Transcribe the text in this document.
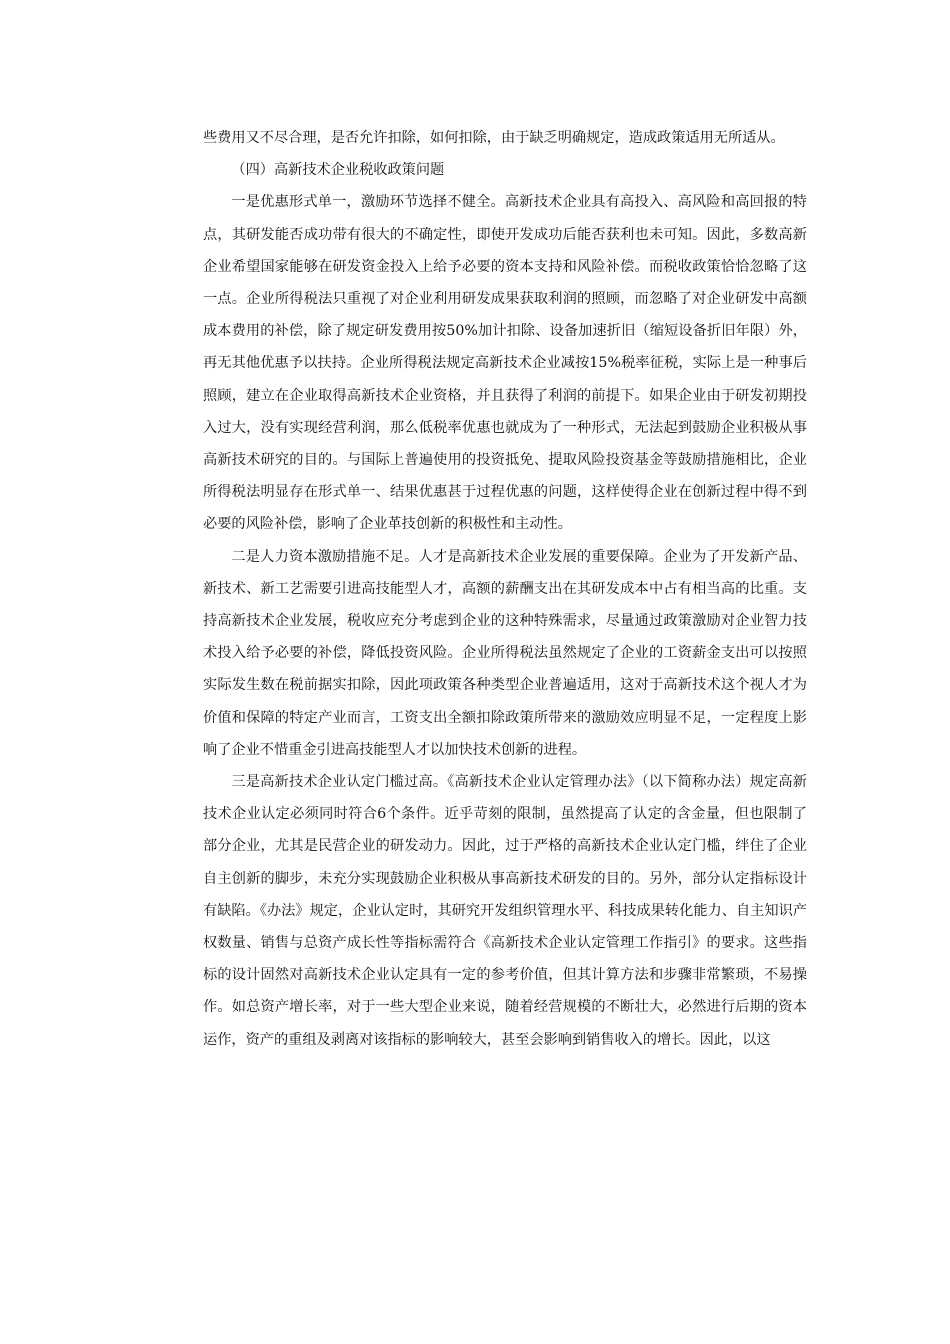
些费用又不尽合理，是否允许扣除，如何扣除，由于缺乏明确规定，造成政策适用无所适从。

（四）高新技术企业税收政策问题

一是优惠形式单一，激励环节选择不健全。高新技术企业具有高投入、高风险和高回报的特点，其研发能否成功带有很大的不确定性，即使开发成功后能否获利也未可知。因此，多数高新企业希望国家能够在研发资金投入上给予必要的资本支持和风险补偿。而税收政策恰恰忽略了这一点。企业所得税法只重视了对企业利用研发成果获取利润的照顾，而忽略了对企业研发中高额成本费用的补偿，除了规定研发费用按50%加计扣除、设备加速折旧（缩短设备折旧年限）外，再无其他优惠予以扶持。企业所得税法规定高新技术企业减按15%税率征税，实际上是一种事后照顾，建立在企业取得高新技术企业资格，并且获得了利润的前提下。如果企业由于研发初期投入过大，没有实现经营利润，那么低税率优惠也就成为了一种形式，无法起到鼓励企业积极从事高新技术研究的目的。与国际上普遍使用的投资抵免、提取风险投资基金等鼓励措施相比，企业所得税法明显存在形式单一、结果优惠甚于过程优惠的问题，这样使得企业在创新过程中得不到必要的风险补偿，影响了企业革技创新的积极性和主动性。

二是人力资本激励措施不足。人才是高新技术企业发展的重要保障。企业为了开发新产品、新技术、新工艺需要引进高技能型人才，高额的薪酬支出在其研发成本中占有相当高的比重。支持高新技术企业发展，税收应充分考虑到企业的这种特殊需求，尽量通过政策激励对企业智力技术投入给予必要的补偿，降低投资风险。企业所得税法虽然规定了企业的工资薪金支出可以按照实际发生数在税前据实扣除，因此项政策各种类型企业普遍适用，这对于高新技术这个视人才为价值和保障的特定产业而言，工资支出全额扣除政策所带来的激励效应明显不足，一定程度上影响了企业不惜重金引进高技能型人才以加快技术创新的进程。

三是高新技术企业认定门槛过高。《高新技术企业认定管理办法》（以下简称办法）规定高新技术企业认定必须同时符合6个条件。近乎苛刻的限制，虽然提高了认定的含金量，但也限制了部分企业，尤其是民营企业的研发动力。因此，过于严格的高新技术企业认定门槛，绊住了企业自主创新的脚步，未充分实现鼓励企业积极从事高新技术研发的目的。另外，部分认定指标设计有缺陷。《办法》规定，企业认定时，其研究开发组织管理水平、科技成果转化能力、自主知识产权数量、销售与总资产成长性等指标需符合《高新技术企业认定管理工作指引》的要求。这些指标的设计固然对高新技术企业认定具有一定的参考价值，但其计算方法和步骤非常繁琐，不易操作。如总资产增长率，对于一些大型企业来说，随着经营规模的不断壮大，必然进行后期的资本运作，资产的重组及剥离对该指标的影响较大，甚至会影响到销售收入的增长。因此，以这
